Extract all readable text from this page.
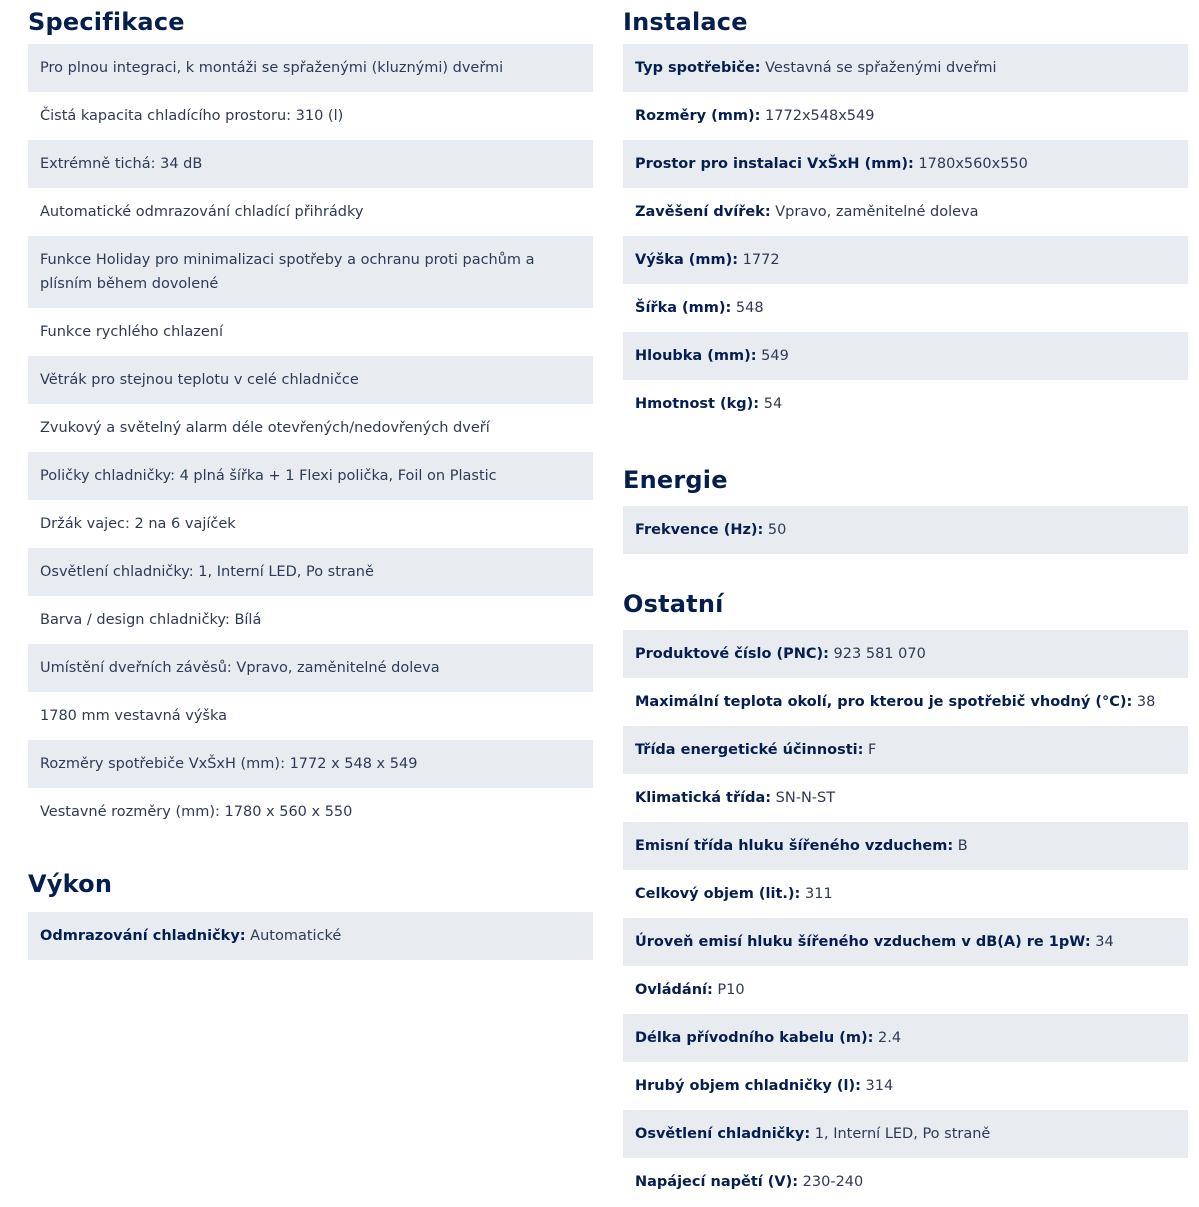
Specifikace
Pro plnou integraci, k montáži se spřaženými (kluznými) dveřmi
Čistá kapacita chladícího prostoru: 310 (l)
Extrémně tichá: 34 dB
Automatické odmrazování chladící přihrádky
Funkce Holiday pro minimalizaci spotřeby a ochranu proti pachům a plísním během dovolené
Funkce rychlého chlazení
Větrák pro stejnou teplotu v celé chladničce
Zvukový a světelný alarm déle otevřených/nedovřených dveří
Poličky chladničky: 4 plná šířka + 1 Flexi polička, Foil on Plastic
Držák vajec: 2 na 6 vajíček
Osvětlení chladničky: 1, Interní LED, Po straně
Barva / design chladničky: Bílá
Umístění dveřních závěsů: Vpravo, zaměnitelné doleva
1780 mm vestavná výška
Rozměry spotřebiče VxŠxH (mm): 1772 x 548 x 549
Vestavné rozměry (mm): 1780 x 560 x 550
Výkon
Odmrazování chladničky: Automatické
Instalace
Typ spotřebiče: Vestavná se spřaženými dveřmi
Rozměry (mm): 1772x548x549
Prostor pro instalaci VxŠxH (mm): 1780x560x550
Zavěšení dvířek: Vpravo, zaměnitelné doleva
Výška (mm): 1772
Šířka (mm): 548
Hloubka (mm): 549
Hmotnost (kg): 54
Energie
Frekvence (Hz): 50
Ostatní
Produktové číslo (PNC): 923 581 070
Maximální teplota okolí, pro kterou je spotřebič vhodný (°C): 38
Třída energetické účinnosti: F
Klimatická třída: SN-N-ST
Emisní třída hluku šířeného vzduchem: B
Celkový objem (lit.): 311
Úroveň emisí hluku šířeného vzduchem v dB(A) re 1pW: 34
Ovládání: P10
Délka přívodního kabelu (m): 2.4
Hrubý objem chladničky (l): 314
Osvětlení chladničky: 1, Interní LED, Po straně
Napájecí napětí (V): 230-240
